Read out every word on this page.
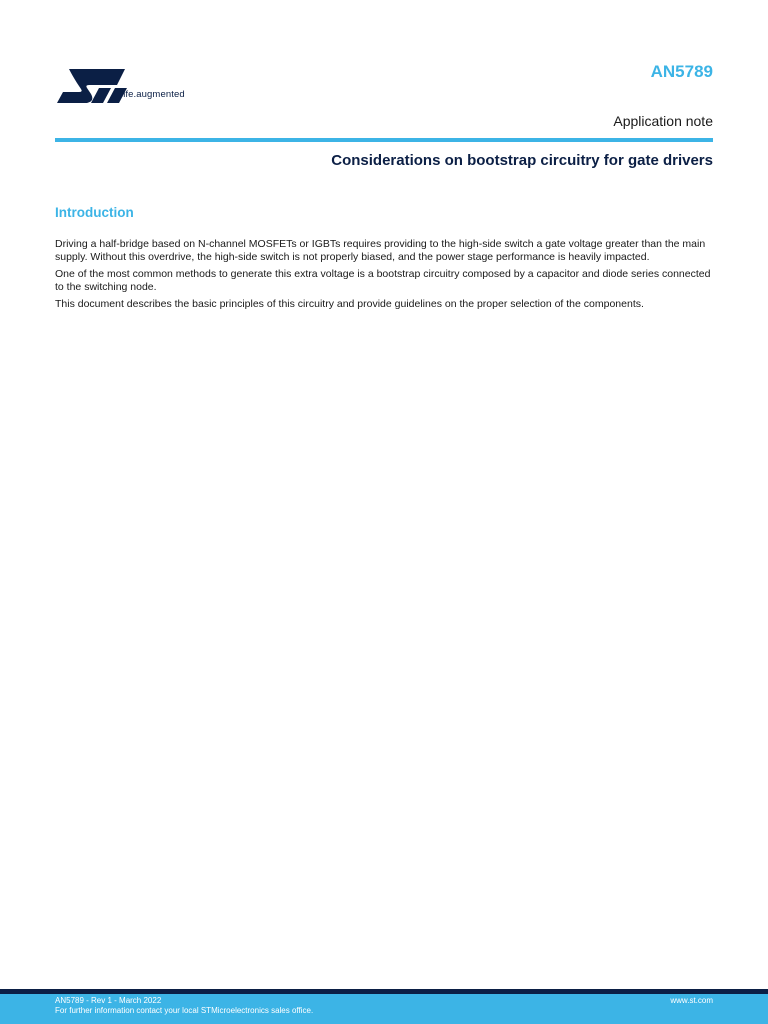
life.augmented
AN5789
Application note
Considerations on bootstrap circuitry for gate drivers
Introduction

Driving a half-bridge based on N-channel MOSFETs or IGBTs requires providing to the high-side switch a gate voltage greater than the main supply. Without this overdrive, the high-side switch is not properly biased, and the power stage performance is heavily impacted.

One of the most common methods to generate this extra voltage is a bootstrap circuitry composed by a capacitor and diode series connected to the switching node.

This document describes the basic principles of this circuitry and provide guidelines on the proper selection of the components.

AN5789 - Rev 1 - March 2022
For further information contact your local STMicroelectronics sales office.
www.st.com
